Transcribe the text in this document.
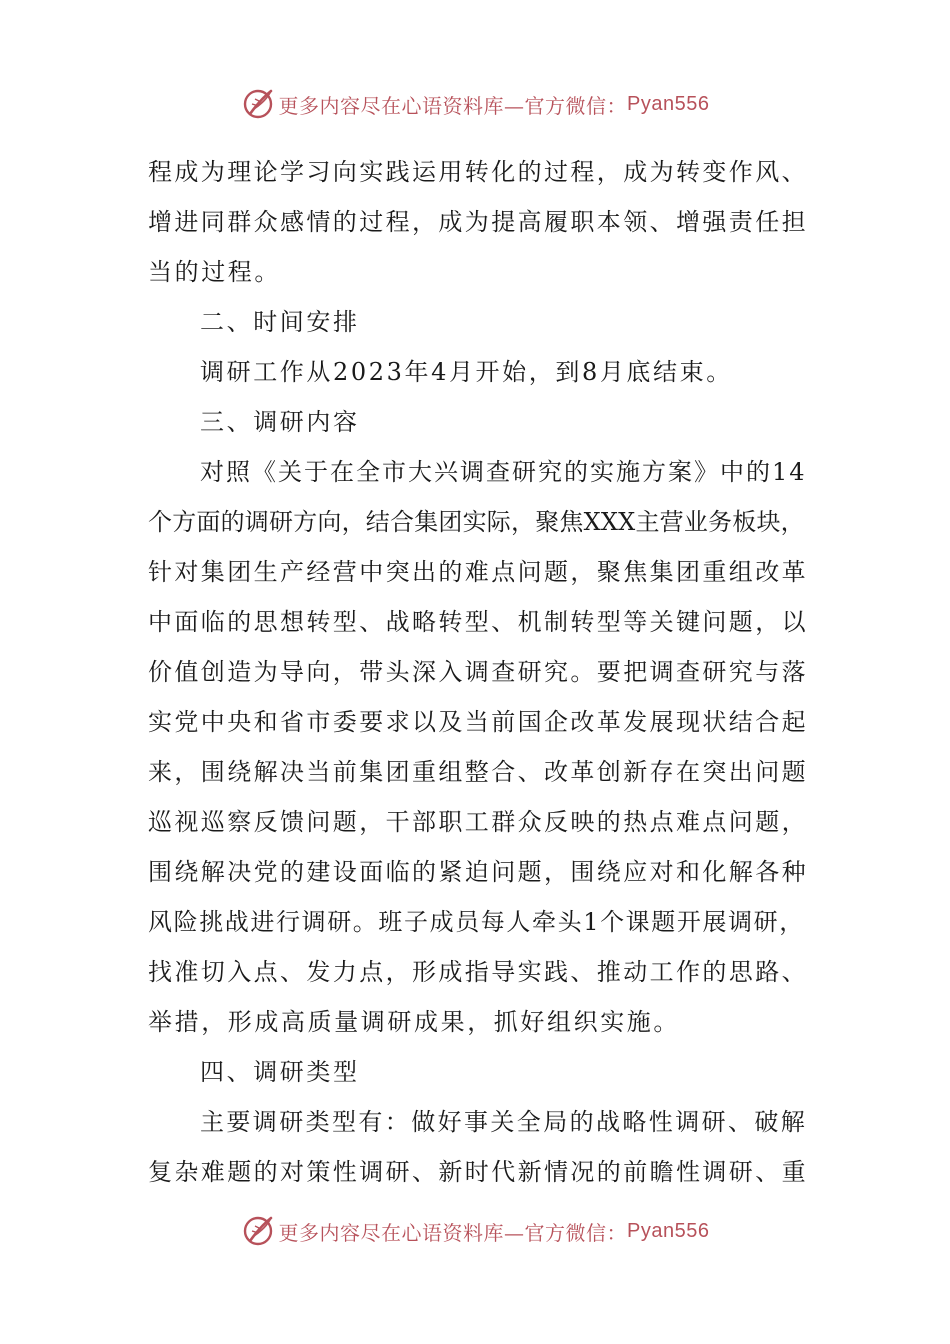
更多内容尽在心语资料库—官方微信： Pyan556

程成为理论学习向实践运用转化的过程，成为转变作风、

增进同群众感情的过程，成为提高履职本领、增强责任担

当的过程。

二、时间安排

调研工作从2023年4月开始，到8月底结束。

三、调研内容

对照《关于在全市大兴调查研究的实施方案》中的14

个方面的调研方向，结合集团实际，聚焦XXX主营业务板块，

针对集团生产经营中突出的难点问题，聚焦集团重组改革

中面临的思想转型、战略转型、机制转型等关键问题，以

价值创造为导向，带头深入调查研究。要把调查研究与落

实党中央和省市委要求以及当前国企改革发展现状结合起

来，围绕解决当前集团重组整合、改革创新存在突出问题

巡视巡察反馈问题，干部职工群众反映的热点难点问题，

围绕解决党的建设面临的紧迫问题，围绕应对和化解各种

风险挑战进行调研。班子成员每人牵头1个课题开展调研，

找准切入点、发力点，形成指导实践、推动工作的思路、

举措，形成高质量调研成果，抓好组织实施。

四、调研类型

主要调研类型有：做好事关全局的战略性调研、破解

复杂难题的对策性调研、新时代新情况的前瞻性调研、重

更多内容尽在心语资料库—官方微信： Pyan556
